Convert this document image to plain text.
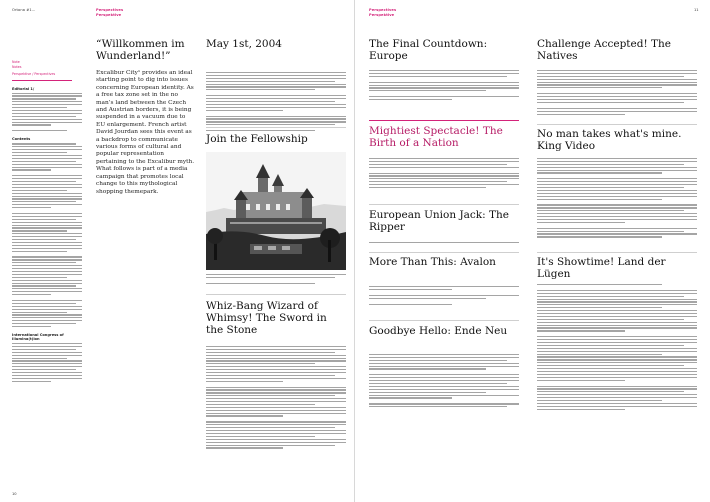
Ortona #1...	Perspectives
Perspektive
10
Note
Notes
Perspektive / Perspectives
Editorial 1/
Contents
International Congress of Illumina(t)ion
“Willkommen im Wunderland!”
Excalibur City¹ provides an ideal starting point to dig into issues concerning European identity. As a free tax zone set in the no man’s land between the Czech and Austrian borders, it is being suspended in a vacuum due to EU enlargement. French artist David Jourdan sees this event as a backdrop to communicate various forms of cultural and popular representation pertaining to the Excalibur myth. What follows is part of a media campaign that promotes local change to this mythological shopping themepark.
May 1st, 2004
Join the Fellowship
Whiz-Bang Wizard of Whimsy! The Sword in the Stone
Perspectives
Perspektive
11
The Final Countdown: Europe
Mightiest Spectacle! The Birth of a Nation
European Union Jack: The Ripper
More Than This: Avalon
Goodbye Hello: Ende Neu
Challenge Accepted! The Natives
No man takes what's mine. King Video
It's Showtime! Land der Lügen
